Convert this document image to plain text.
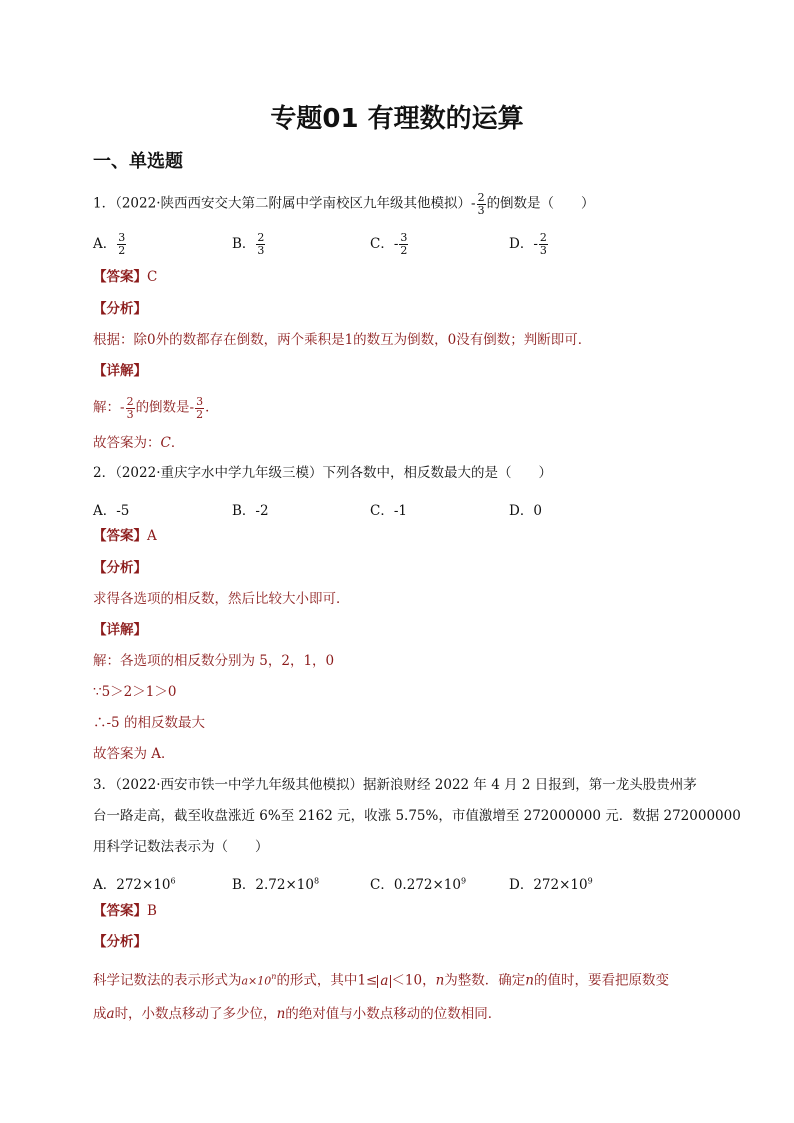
专题01 有理数的运算
一、单选题
1．（2022·陕西西安交大第二附属中学南校区九年级其他模拟）- $\frac{2}{3}$ 的倒数是（　　）
A． $\frac{3}{2}$	B． $\frac{2}{3}$	C．- $\frac{3}{2}$	D．- $\frac{2}{3}$
【答案】C
【分析】
根据：除0外的数都存在倒数，两个乘积是1的数互为倒数，0没有倒数；判断即可．
【详解】
解：- $\frac{2}{3}$ 的倒数是- $\frac{3}{2}$ ．
故答案为：C．
2．（2022·重庆字水中学九年级三模）下列各数中，相反数最大的是（　　）
A．-5	B．-2	C．-1	D．0
【答案】A
【分析】
求得各选项的相反数，然后比较大小即可．
【详解】
解：各选项的相反数分别为 5，2，1，0
∵5＞2＞1＞0
∴-5 的相反数最大
故答案为 A．
3．（2022·西安市铁一中学九年级其他模拟）据新浪财经 2022 年 4 月 2 日报到，第一龙头股贵州茅
台一路走高，截至收盘涨近 6%至 2162 元，收涨 5.75%，市值激增至 272000000 元．数据 272000000
用科学记数法表示为（　　）
A．$272\times 10^6$	B．$2.72\times 10^8$	C．$0.272\times 10^9$	D．$272\times 10^9$
【答案】B
【分析】
科学记数法的表示形式为$a\times 10^n$的形式，其中1≤ a ＜10，n为整数．确定n的值时，要看把原数变
成a时，小数点移动了多少位，n的绝对值与小数点移动的位数相同．
